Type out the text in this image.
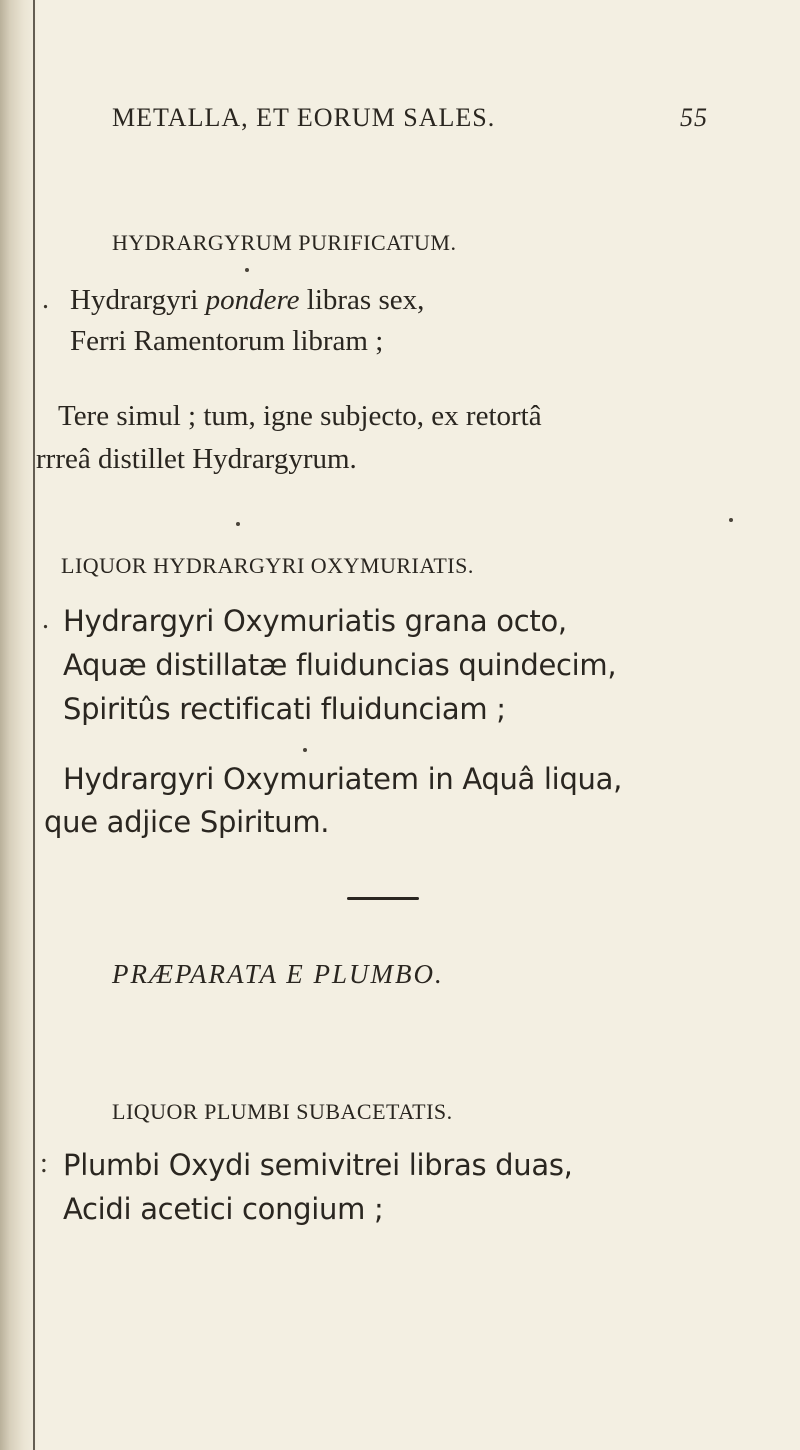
METALLA, ET EORUM SALES.	55
HYDRARGYRUM PURIFICATUM.
. Hydrargyri pondere libras sex,
Ferri Ramentorum libram ;
Tere simul ; tum, igne subjecto, ex retortâ
rrreâ distillet Hydrargyrum.
LIQUOR HYDRARGYRI OXYMURIATIS.
. Hydrargyri Oxymuriatis grana octo,
Aquæ distillatæ fluiduncias quindecim,
Spiritûs rectificati fluidunciam ;
Hydrargyri Oxymuriatem in Aquâ liqua,
que adjice Spiritum.
PRÆPARATA E PLUMBO.
LIQUOR PLUMBI SUBACETATIS.
: Plumbi Oxydi semivitrei libras duas,
Acidi acetici congium ;
